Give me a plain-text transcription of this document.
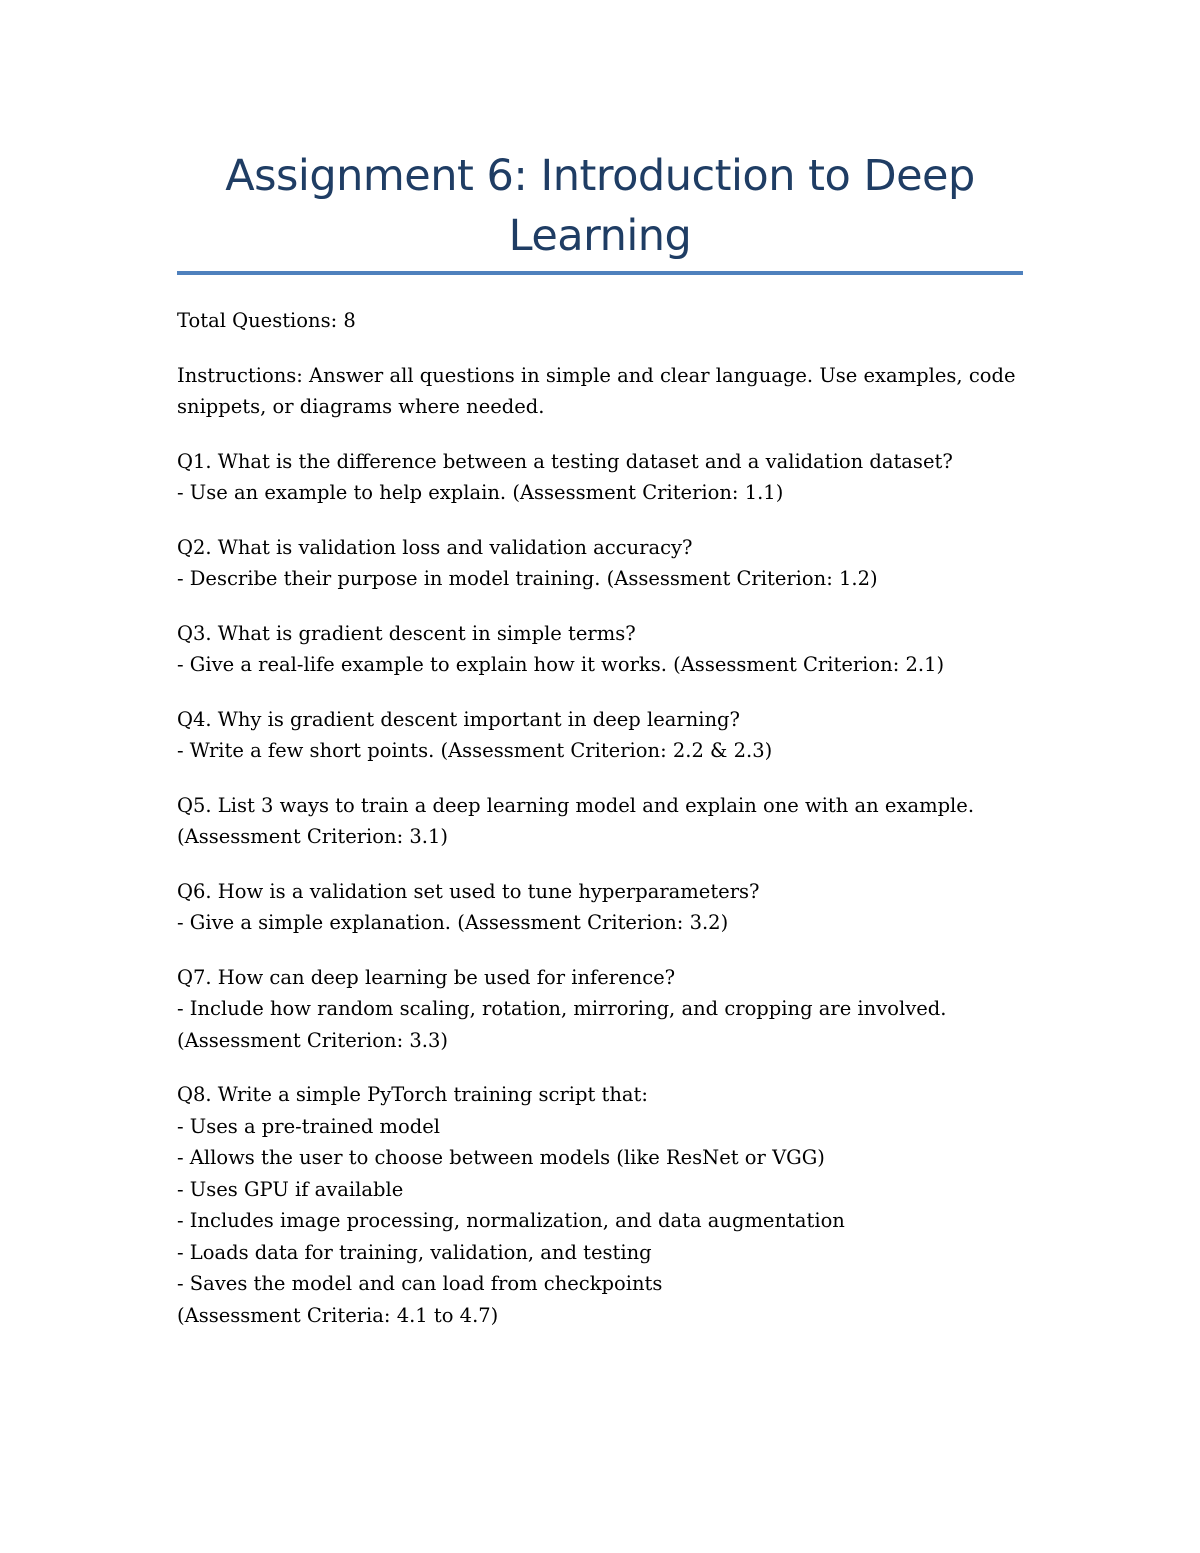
Assignment 6: Introduction to Deep Learning

Total Questions: 8

Instructions: Answer all questions in simple and clear language. Use examples, code snippets, or diagrams where needed.

Q1. What is the difference between a testing dataset and a validation dataset?
- Use an example to help explain. (Assessment Criterion: 1.1)

Q2. What is validation loss and validation accuracy?
- Describe their purpose in model training. (Assessment Criterion: 1.2)

Q3. What is gradient descent in simple terms?
- Give a real-life example to explain how it works. (Assessment Criterion: 2.1)

Q4. Why is gradient descent important in deep learning?
- Write a few short points. (Assessment Criterion: 2.2 & 2.3)

Q5. List 3 ways to train a deep learning model and explain one with an example.
(Assessment Criterion: 3.1)

Q6. How is a validation set used to tune hyperparameters?
- Give a simple explanation. (Assessment Criterion: 3.2)

Q7. How can deep learning be used for inference?
- Include how random scaling, rotation, mirroring, and cropping are involved.
(Assessment Criterion: 3.3)

Q8. Write a simple PyTorch training script that:
- Uses a pre-trained model
- Allows the user to choose between models (like ResNet or VGG)
- Uses GPU if available
- Includes image processing, normalization, and data augmentation
- Loads data for training, validation, and testing
- Saves the model and can load from checkpoints
(Assessment Criteria: 4.1 to 4.7)
